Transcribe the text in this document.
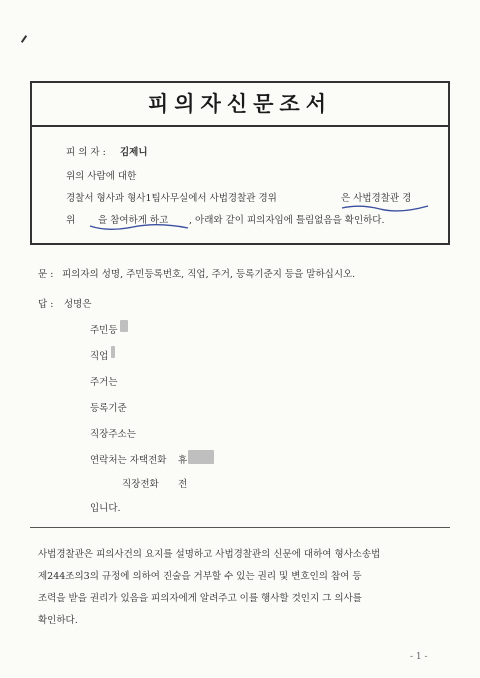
피의자신문조서
피 의 자 : 김제니
위의 사람에 대한
경찰서 형사과 형사1팀사무실에서 사법경찰관 경위	은 사법경찰관 경
위 을 참여하게 하고 , 아래와 같이 피의자임에 틀림없음을 확인하다.
문 : 피의자의 성명, 주민등록번호, 직업, 주거, 등록기준지 등을 말하십시오.
답 : 성명은
주민등
직업
주거는
등록기준
직장주소는
연락처는 자택전화 휴
직장전화 전
입니다.
사법경찰관은 피의사건의 요지를 설명하고 사법경찰관의 신문에 대하여 형사소송법
제244조의3의 규정에 의하여 진술을 거부할 수 있는 권리 및 변호인의 참여 등
조력을 받을 권리가 있음을 피의자에게 알려주고 이를 행사할 것인지 그 의사를
확인하다.
- 1 -
